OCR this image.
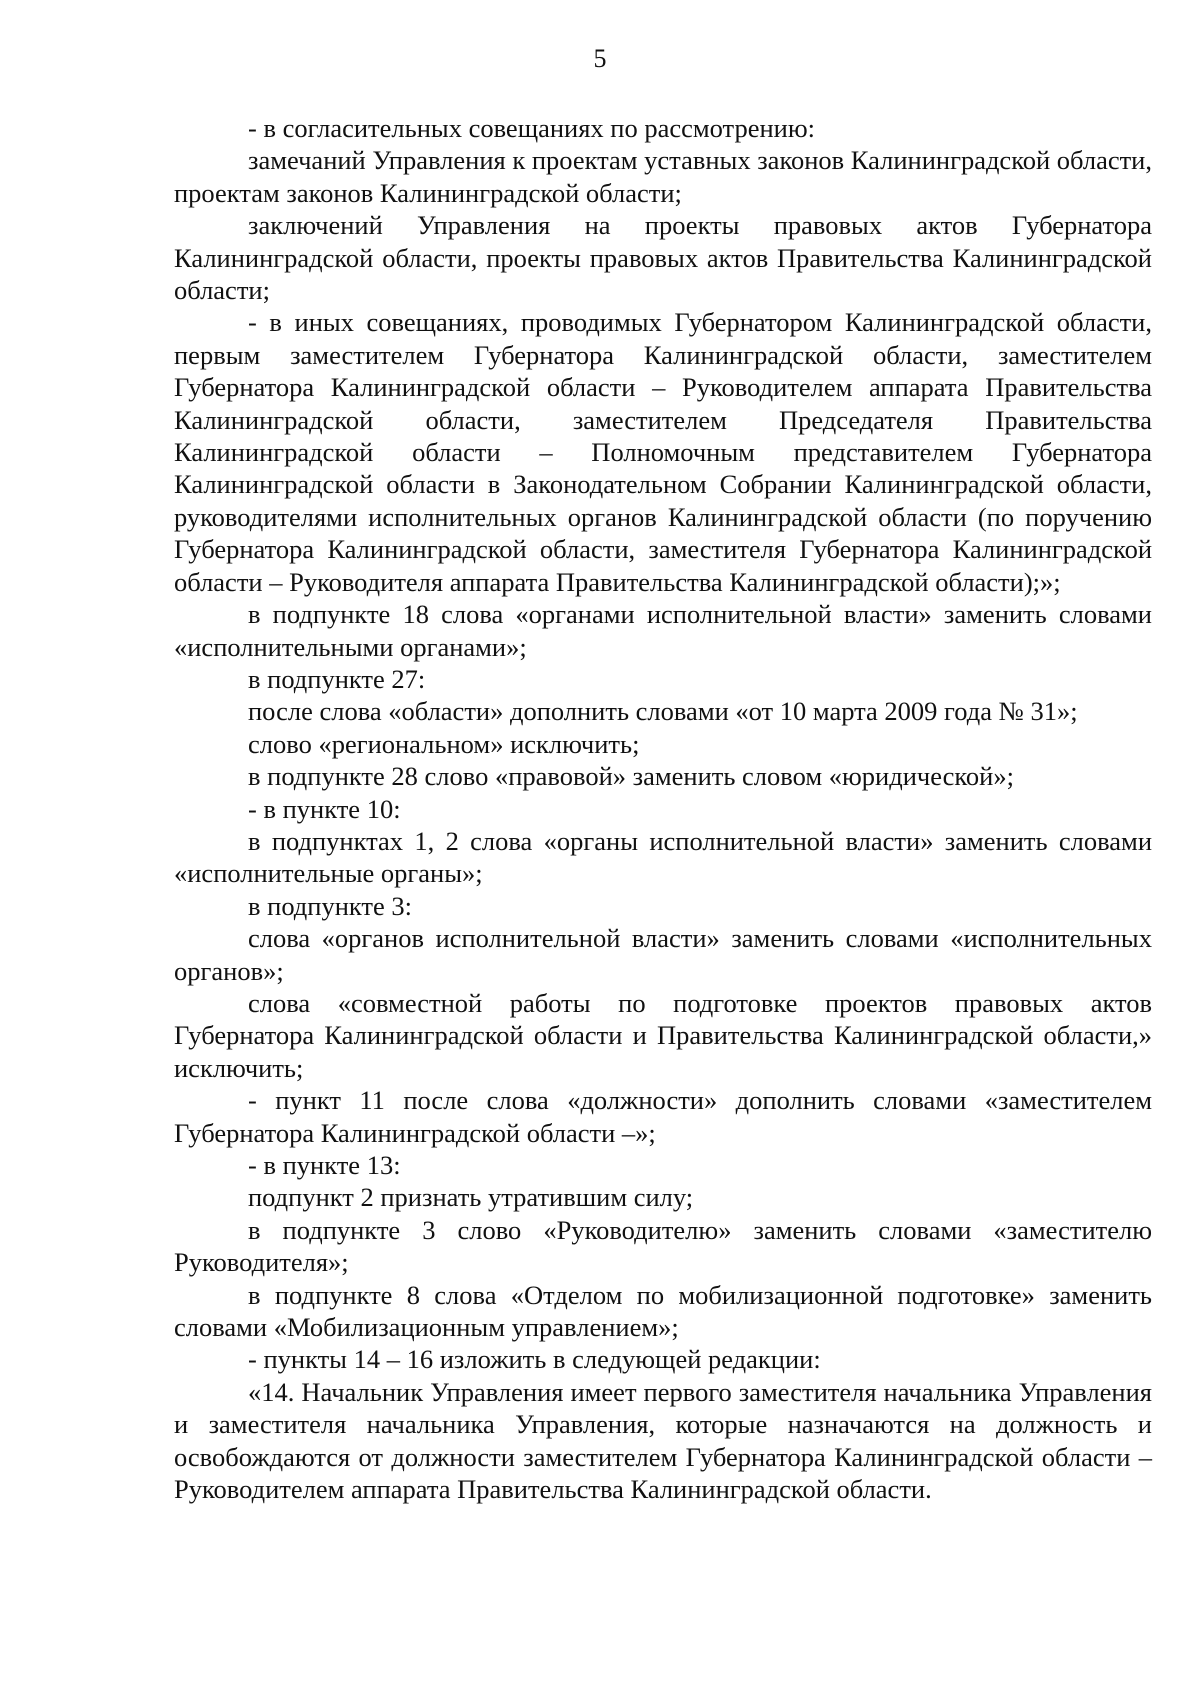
5

- в согласительных совещаниях по рассмотрению:

замечаний Управления к проектам уставных законов Калининградской области, проектам законов Калининградской области;

заключений Управления на проекты правовых актов Губернатора Калининградской области, проекты правовых актов Правительства Калининградской области;

- в иных совещаниях, проводимых Губернатором Калининградской области, первым заместителем Губернатора Калининградской области, заместителем Губернатора Калининградской области – Руководителем аппарата Правительства Калининградской области, заместителем Председателя Правительства Калининградской области – Полномочным представителем Губернатора Калининградской области в Законодательном Собрании Калининградской области, руководителями исполнительных органов Калининградской области (по поручению Губернатора Калининградской области, заместителя Губернатора Калининградской области – Руководителя аппарата Правительства Калининградской области);»;

в подпункте 18 слова «органами исполнительной власти» заменить словами «исполнительными органами»;

в подпункте 27:

после слова «области» дополнить словами «от 10 марта 2009 года № 31»;

слово «региональном» исключить;

в подпункте 28 слово «правовой» заменить словом «юридической»;

- в пункте 10:

в подпунктах 1, 2 слова «органы исполнительной власти» заменить словами «исполнительные органы»;

в подпункте 3:

слова «органов исполнительной власти» заменить словами «исполнительных органов»;

слова «совместной работы по подготовке проектов правовых актов Губернатора Калининградской области и Правительства Калининградской области,» исключить;

- пункт 11 после слова «должности» дополнить словами «заместителем Губернатора Калининградской области –»;

- в пункте 13:

подпункт 2 признать утратившим силу;

в подпункте 3 слово «Руководителю» заменить словами «заместителю Руководителя»;

в подпункте 8 слова «Отделом по мобилизационной подготовке» заменить словами «Мобилизационным управлением»;

- пункты 14 – 16 изложить в следующей редакции:

«14. Начальник Управления имеет первого заместителя начальника Управления и заместителя начальника Управления, которые назначаются на должность и освобождаются от должности заместителем Губернатора Калининградской области – Руководителем аппарата Правительства Калининградской области.
